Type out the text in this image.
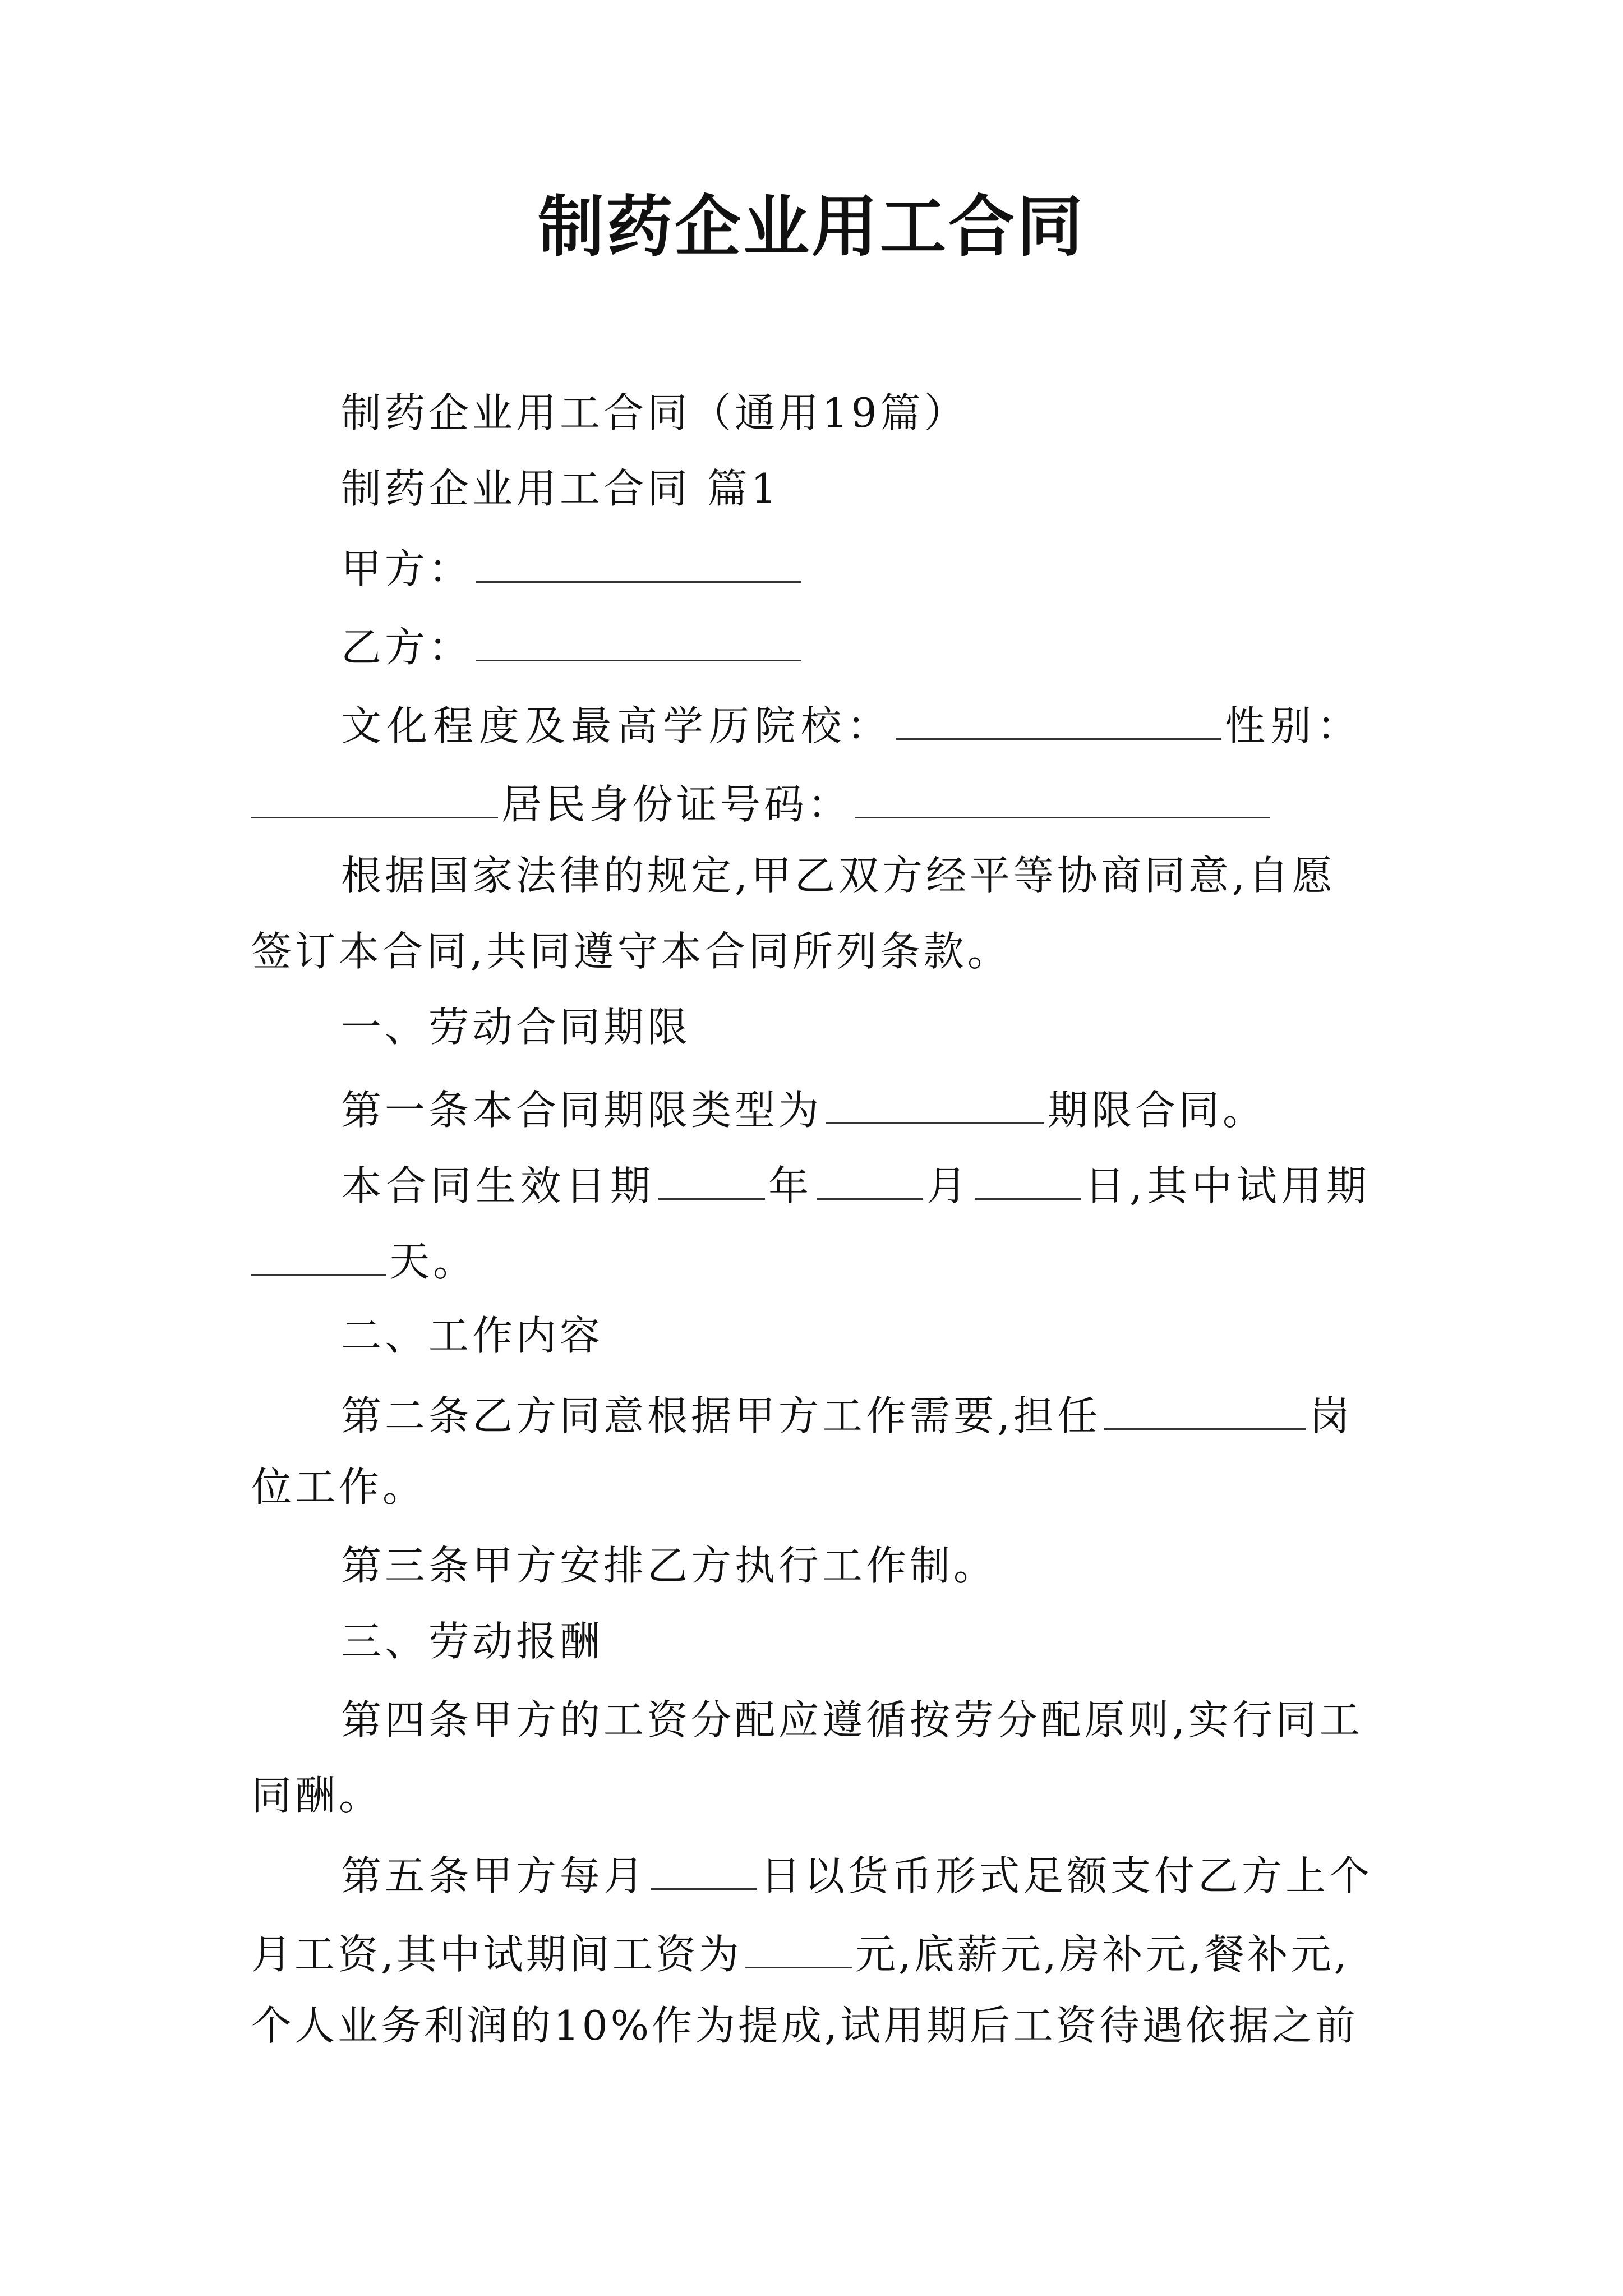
制药企业用工合同
制药企业用工合同（通用19篇）
制药企业用工合同 篇1
甲方：
乙方：
文化程度及最高学历院校：	性别：
居民身份证号码：
根据国家法律的规定,甲乙双方经平等协商同意,自愿
签订本合同,共同遵守本合同所列条款。
一、劳动合同期限
第一条本合同期限类型为	期限合同。
本合同生效日期	年	月	日,其中试用期
天。
二、工作内容
第二条乙方同意根据甲方工作需要,担任	岗
位工作。
第三条甲方安排乙方执行工作制。
三、劳动报酬
第四条甲方的工资分配应遵循按劳分配原则,实行同工
同酬。
第五条甲方每月	日以货币形式足额支付乙方上个
月工资,其中试期间工资为	元,底薪元,房补元,餐补元,
个人业务利润的10%作为提成,试用期后工资待遇依据之前
